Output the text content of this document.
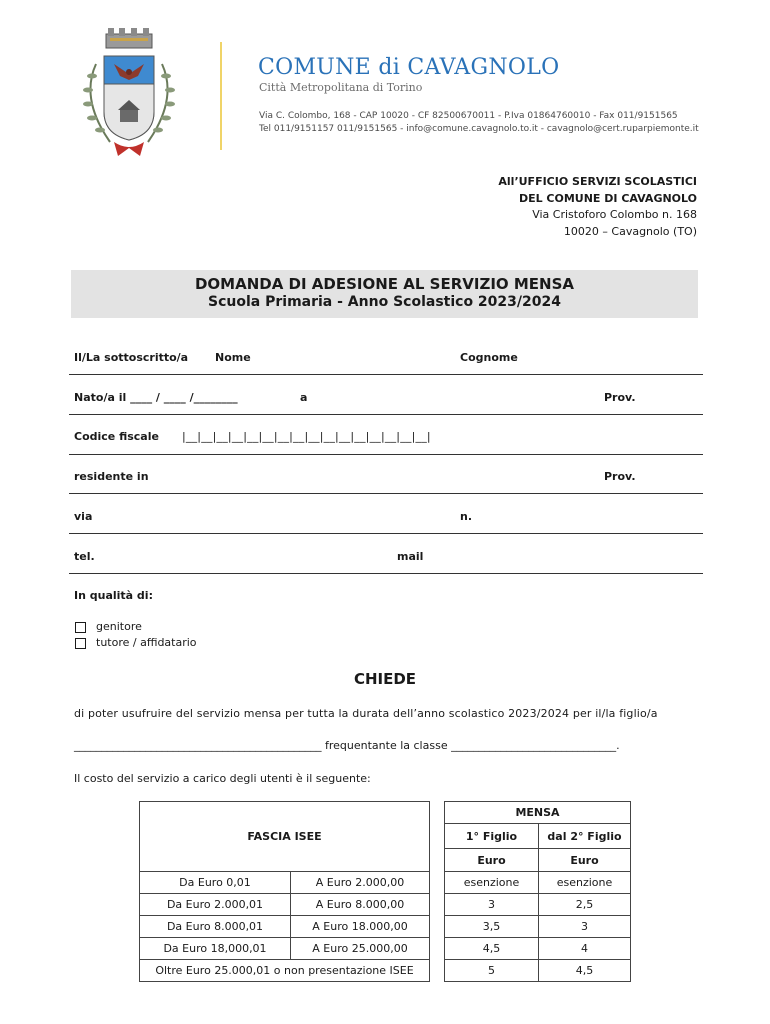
COMUNE di CAVAGNOLO
Città Metropolitana di Torino
Via C. Colombo, 168 - CAP 10020 - CF 82500670011 - P.Iva 01864760010 - Fax 011/9151565
Tel 011/9151157 011/9151565 - info@comune.cavagnolo.to.it - cavagnolo@cert.ruparpiemonte.it
All’UFFICIO SERVIZI SCOLASTICI
DEL COMUNE DI CAVAGNOLO
Via Cristoforo Colombo n. 168
10020 – Cavagnolo (TO)
DOMANDA DI ADESIONE AL SERVIZIO MENSA
Scuola Primaria - Anno Scolastico 2023/2024
Il/La sottoscritto/a Nome	Cognome
Nato/a il ____ / ____ /________	a	Prov.
Codice fiscale |__|__|__|__|__|__|__|__|__|__|__|__|__|__|__|__|
residente in	Prov.
via	n.
tel.	mail
In qualità di:
genitore
tutore / affidatario
CHIEDE
di poter usufruire del servizio mensa per tutta la durata dell’anno scolastico 2023/2024 per il/la figlio/a
_____________________________________________ frequentante la classe ______________________________.
Il costo del servizio a carico degli utenti è il seguente:
FASCIA ISEE	
Da Euro 0,01	A Euro 2.000,00
Da Euro 2.000,01	A Euro 8.000,00
Da Euro 8.000,01	A Euro 18.000,00
Da Euro 18,000,01	A Euro 25.000,00
Oltre Euro 25.000,01 o non presentazione ISEE	
MENSA	
1° Figlio	dal 2° Figlio
Euro	Euro
esenzione	esenzione
3	2,5
3,5	3
4,5	4
5	4,5
